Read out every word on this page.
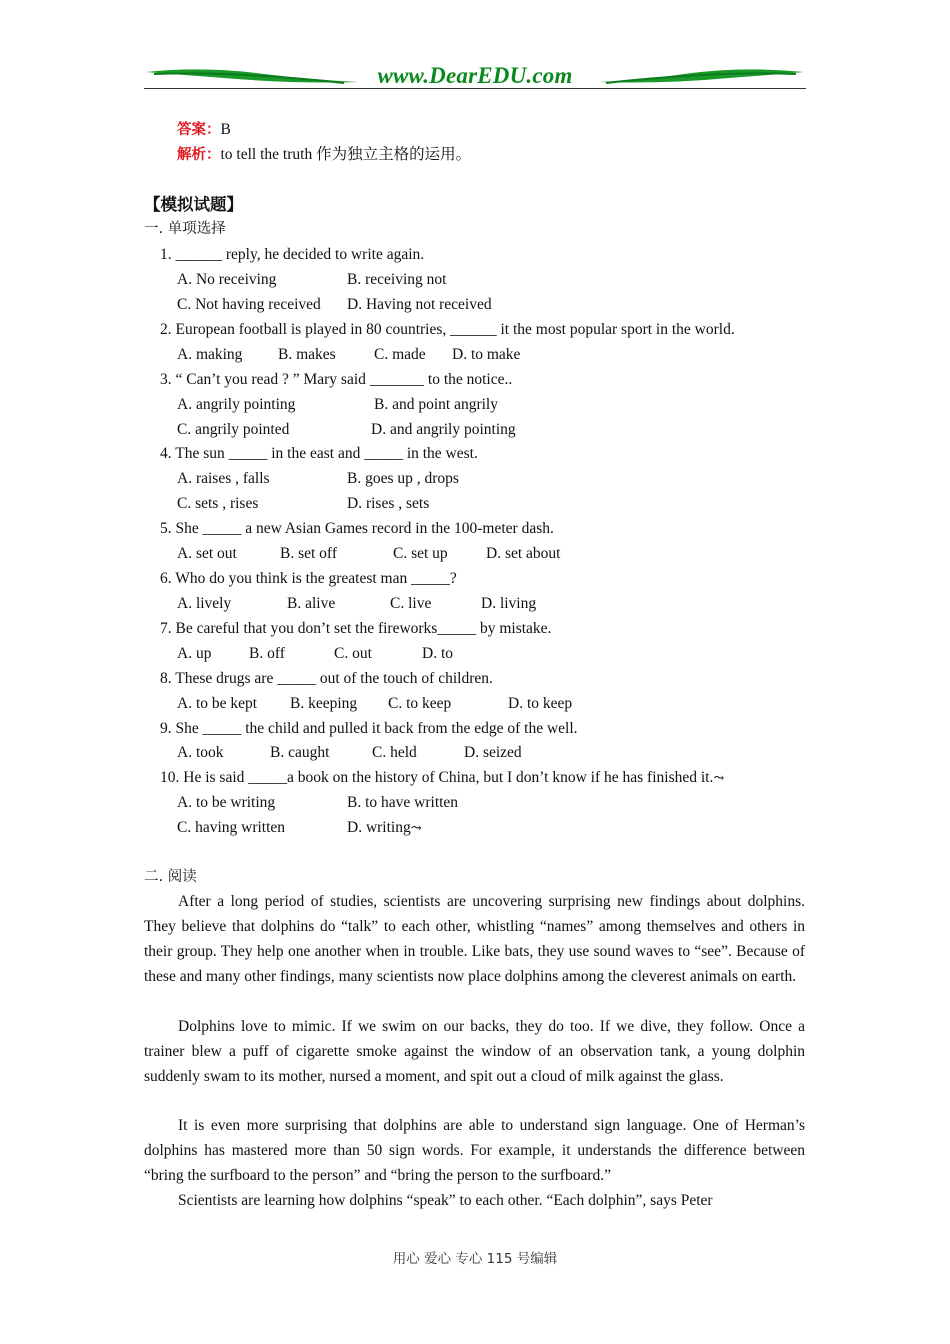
www.DearEDU.com
答案：B
解析：to tell the truth 作为独立主格的运用。
【模拟试题】
一. 单项选择
1. ______ reply, he decided to write again.
A. No receiving	B. receiving not
C. Not having received D. Having not received
2. European football is played in 80 countries, ______ it the most popular sport in the world.
A. making B. makes C. made D. to make
3. “ Can’t you read ? ” Mary said _______ to the notice..
A. angrily pointing	B. and point angrily
C. angrily pointed	D. and angrily pointing
4. The sun _____ in the east and _____ in the west.
A. raises , falls	B. goes up , drops
C. sets , rises	D. rises , sets
5. She _____ a new Asian Games record in the 100-meter dash.
A. set out	B. set off	C. set up D. set about
6. Who do you think is the greatest man _____?
A. lively	B. alive	C. live	D. living
7. Be careful that you don’t set the fireworks_____ by mistake.
A. up B. off	C. out	D. to
8. These drugs are _____ out of the touch of children.
A. to be kept B. keeping C. to keep	D. to keep
9. She _____ the child and pulled it back from the edge of the well.
A. took	B. caught	C. held	D. seized
10. He is said _____a book on the history of China, but I don’t know if he has finished it.⤳
A. to be writing	B. to have written
C. having written	D. writing⤳
二. 阅读

After a long period of studies, scientists are uncovering surprising new findings about dolphins. They believe that dolphins do “talk” to each other, whistling “names” among themselves and others in their group. They help one another when in trouble. Like bats, they use sound waves to “see”. Because of these and many other findings, many scientists now place dolphins among the cleverest animals on earth.

Dolphins love to mimic. If we swim on our backs, they do too. If we dive, they follow. Once a trainer blew a puff of cigarette smoke against the window of an observation tank, a young dolphin suddenly swam to its mother, nursed a moment, and spit out a cloud of milk against the glass.

It is even more surprising that dolphins are able to understand sign language. One of Herman’s dolphins has mastered more than 50 sign words. For example, it understands the difference between “bring the surfboard to the person” and “bring the person to the surfboard.”

Scientists are learning how dolphins “speak” to each other. “Each dolphin”, says Peter

用心 爱心 专心 115 号编辑
